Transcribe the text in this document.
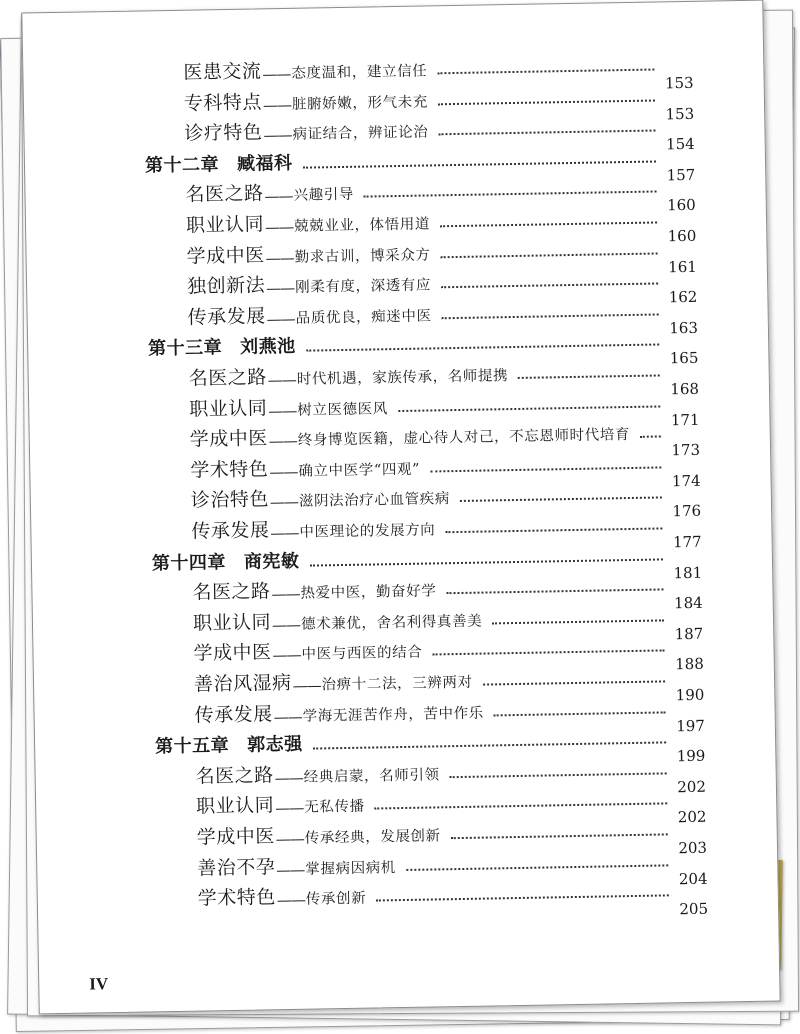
医患交流 —— 态度温和，建立信任
153
专科特点 —— 脏腑娇嫩，形气未充
153
诊疗特色 —— 病证结合，辨证论治
154
第十二章 臧福科
157
名医之路 —— 兴趣引导
160
职业认同 —— 兢兢业业，体悟用道
160
学成中医 —— 勤求古训，博采众方
161
独创新法 —— 刚柔有度，深透有应
162
传承发展 —— 品质优良，痴迷中医
163
第十三章 刘燕池
165
名医之路 —— 时代机遇，家族传承，名师提携
168
职业认同 —— 树立医德医风
171
学成中医 —— 终身博览医籍，虚心待人对己，不忘恩师时代培育
173
学术特色 —— 确立中医学“四观”
174
诊治特色 —— 滋阴法治疗心血管疾病
176
传承发展 —— 中医理论的发展方向
177
第十四章 商宪敏
181
名医之路 —— 热爱中医，勤奋好学
184
职业认同 —— 德术兼优，舍名利得真善美
187
学成中医 —— 中医与西医的结合
188
善治风湿病 —— 治痹十二法，三辨两对
190
传承发展 —— 学海无涯苦作舟，苦中作乐
197
第十五章 郭志强
199
名医之路 —— 经典启蒙，名师引领
202
职业认同 —— 无私传播
202
学成中医 —— 传承经典，发展创新
203
善治不孕 —— 掌握病因病机
204
学术特色 —— 传承创新
205
IV
